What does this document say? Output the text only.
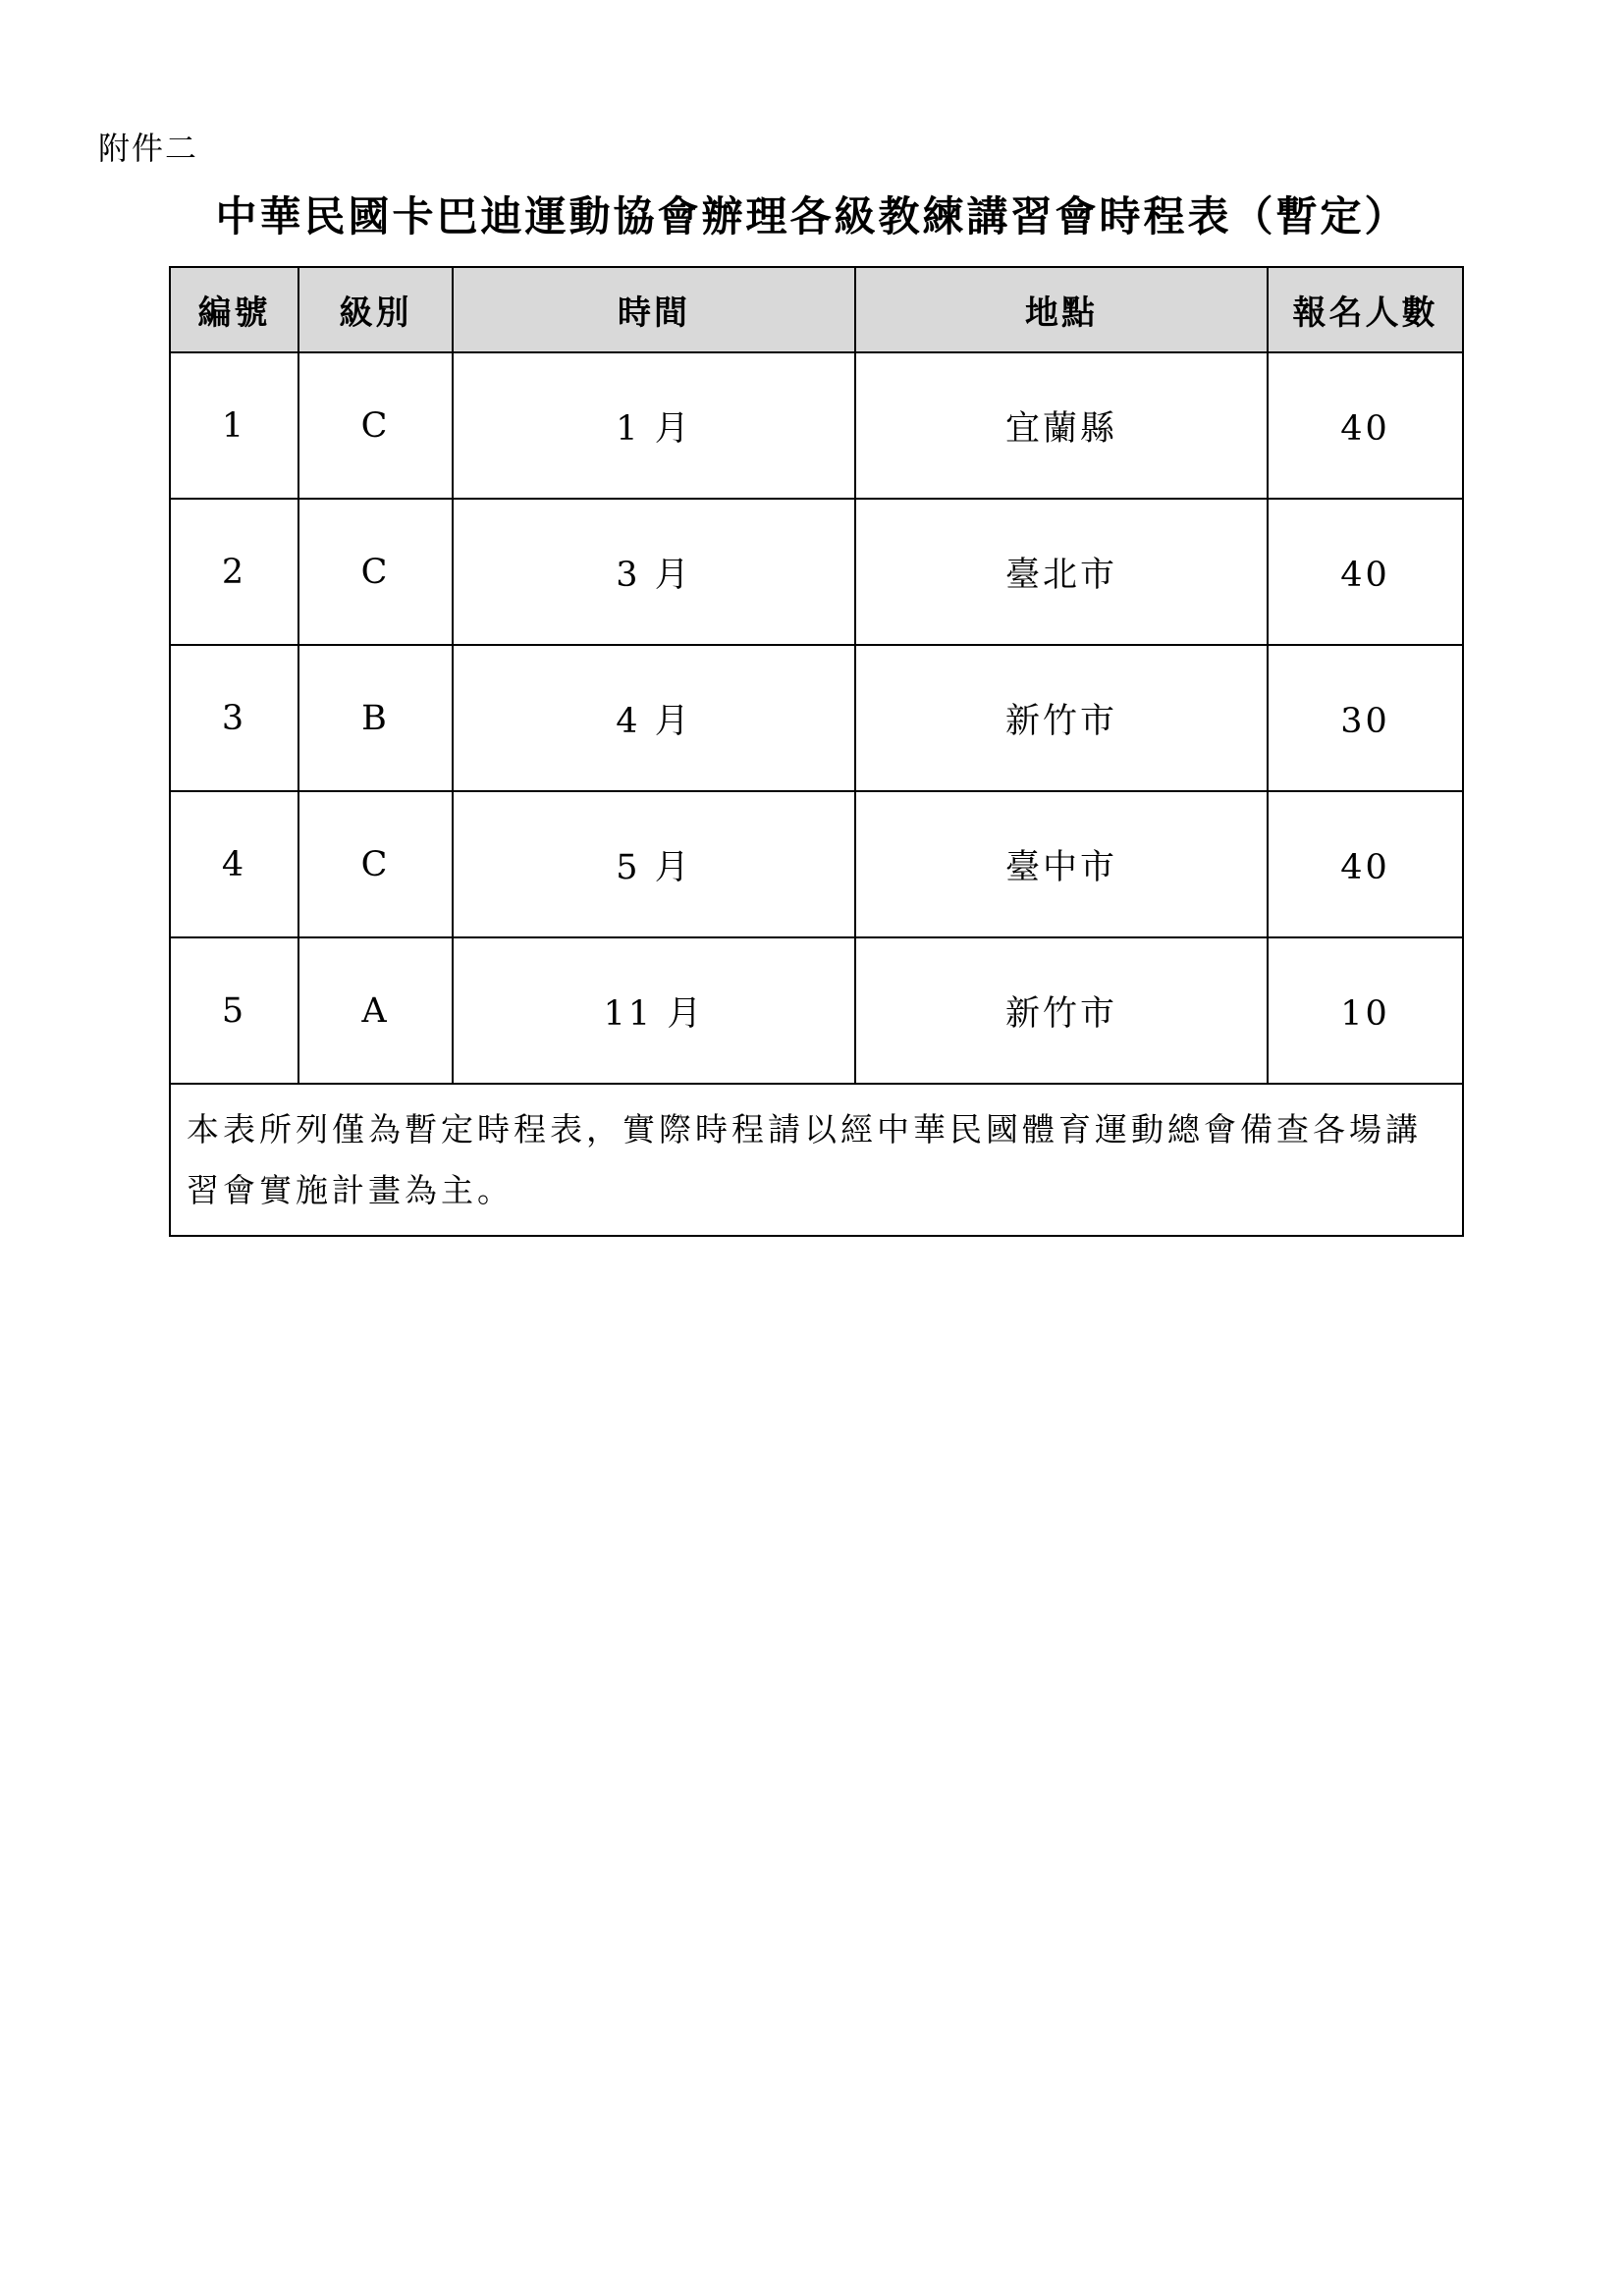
附件二
中華民國卡巴迪運動協會辦理各級教練講習會時程表（暫定）
編號	級別	時間	地點	報名人數
1	C	1 月	宜蘭縣	40
2	C	3 月	臺北市	40
3	B	4 月	新竹市	30
4	C	5 月	臺中市	40
5	A	11 月	新竹市	10
本表所列僅為暫定時程表，實際時程請以經中華民國體育運動總會備查各場講習會實施計畫為主。				
